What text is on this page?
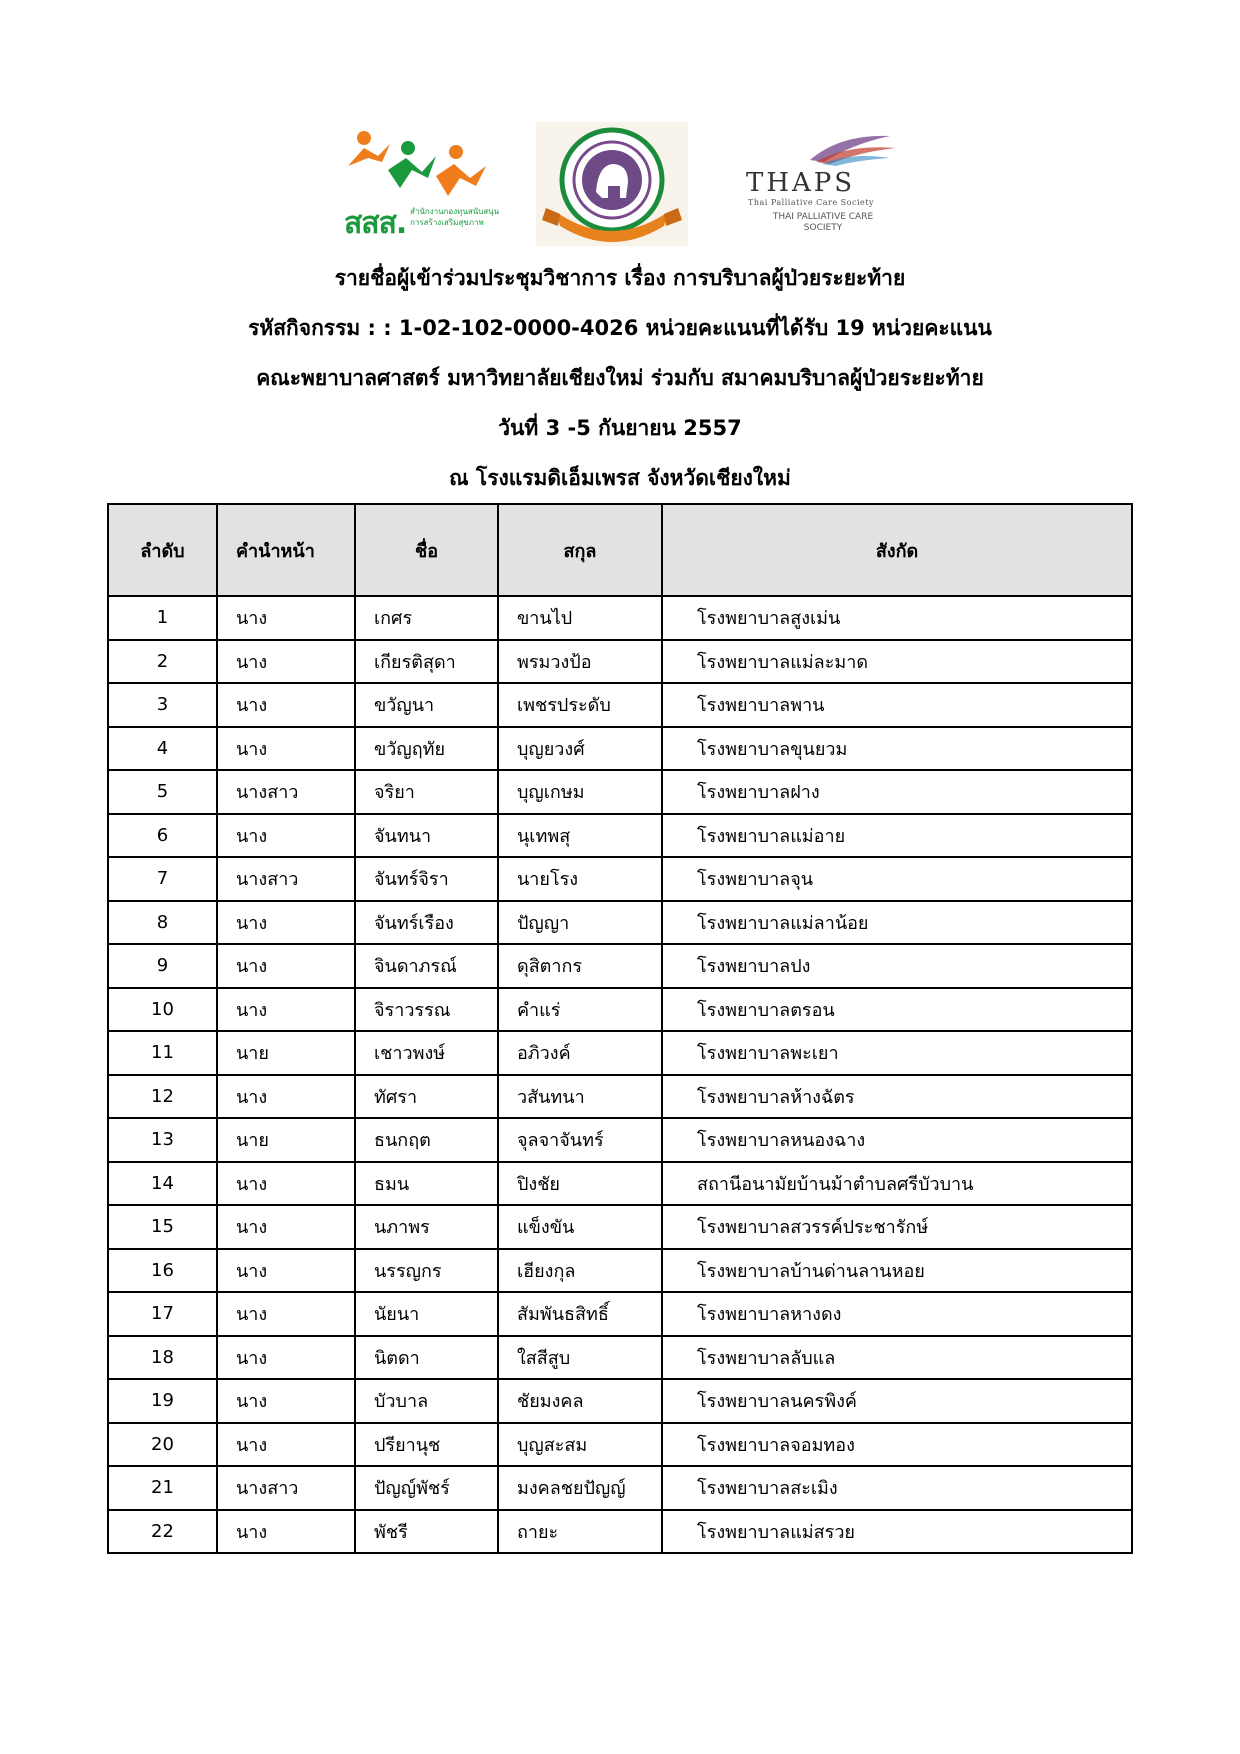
สสส. สำนักงานกองทุนสนับสนุน การสร้างเสริมสุขภาพ
THAPS
Thai Palliative Care Society
THAI PALLIATIVE CARE SOCIETY
รายชื่อผู้เข้าร่วมประชุมวิชาการ เรื่อง การบริบาลผู้ป่วยระยะท้าย
รหัสกิจกรรม : : 1-02-102-0000-4026 หน่วยคะแนนที่ได้รับ 19 หน่วยคะแนน
คณะพยาบาลศาสตร์ มหาวิทยาลัยเชียงใหม่ ร่วมกับ สมาคมบริบาลผู้ป่วยระยะท้าย
วันที่ 3 -5 กันยายน 2557
ณ โรงแรมดิเอ็มเพรส จังหวัดเชียงใหม่
ลำดับ	คำนำหน้า	ชื่อ	สกุล	สังกัด
1	นาง	เกศร	ขานไป	โรงพยาบาลสูงเม่น
2	นาง	เกียรติสุดา	พรมวงป้อ	โรงพยาบาลแม่ละมาด
3	นาง	ขวัญนา	เพชรประดับ	โรงพยาบาลพาน
4	นาง	ขวัญฤทัย	บุญยวงศ์	โรงพยาบาลขุนยวม
5	นางสาว	จริยา	บุญเกษม	โรงพยาบาลฝาง
6	นาง	จันทนา	นุเทพสุ	โรงพยาบาลแม่อาย
7	นางสาว	จันทร์จิรา	นายโรง	โรงพยาบาลจุน
8	นาง	จันทร์เรือง	ปัญญา	โรงพยาบาลแม่ลาน้อย
9	นาง	จินดาภรณ์	ดุสิตากร	โรงพยาบาลปง
10	นาง	จิราวรรณ	คำแร่	โรงพยาบาลตรอน
11	นาย	เชาวพงษ์	อภิวงค์	โรงพยาบาลพะเยา
12	นาง	ทัศรา	วสันทนา	โรงพยาบาลห้างฉัตร
13	นาย	ธนกฤต	จุลจาจันทร์	โรงพยาบาลหนองฉาง
14	นาง	ธมน	ปิงชัย	สถานีอนามัยบ้านม้าตำบลศรีบัวบาน
15	นาง	นภาพร	แข็งขัน	โรงพยาบาลสวรรค์ประชารักษ์
16	นาง	นรรญกร	เฮียงกุล	โรงพยาบาลบ้านด่านลานหอย
17	นาง	นัยนา	สัมพันธสิทธิ์	โรงพยาบาลหางดง
18	นาง	นิตดา	ใสสีสูบ	โรงพยาบาลลับแล
19	นาง	บัวบาล	ชัยมงคล	โรงพยาบาลนครพิงค์
20	นาง	ปรียานุช	บุญสะสม	โรงพยาบาลจอมทอง
21	นางสาว	ปัญญ์พัชร์	มงคลชยปัญญ์	โรงพยาบาลสะเมิง
22	นาง	พัชรี	ถายะ	โรงพยาบาลแม่สรวย
